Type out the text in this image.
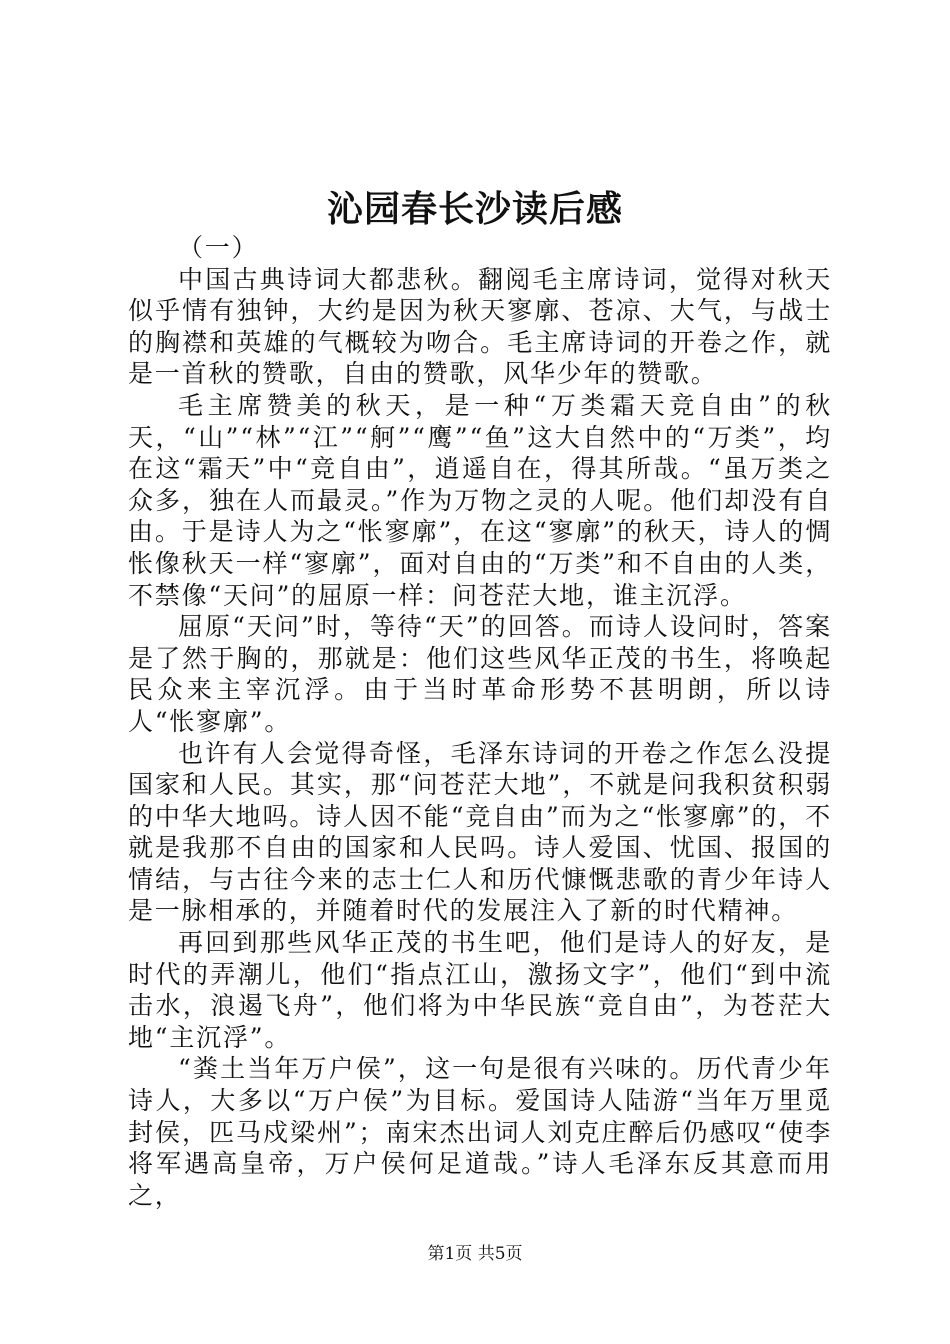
沁园春长沙读后感

（一）

中国古典诗词大都悲秋。翻阅毛主席诗词，觉得对秋天似乎情有独钟，大约是因为秋天寥廓、苍凉、大气，与战士的胸襟和英雄的气概较为吻合。毛主席诗词的开卷之作，就是一首秋的赞歌，自由的赞歌，风华少年的赞歌。

毛主席赞美的秋天，是一种“万类霜天竞自由”的秋天，“山”“林”“江”“舸”“鹰”“鱼”这大自然中的“万类”，均在这“霜天”中“竞自由”，逍遥自在，得其所哉。“虽万类之众多，独在人而最灵。”作为万物之灵的人呢。他们却没有自由。于是诗人为之“怅寥廓”，在这“寥廓”的秋天，诗人的惆怅像秋天一样“寥廓”，面对自由的“万类”和不自由的人类，不禁像“天问”的屈原一样：问苍茫大地，谁主沉浮。

屈原“天问”时，等待“天”的回答。而诗人设问时，答案是了然于胸的，那就是：他们这些风华正茂的书生，将唤起民众来主宰沉浮。由于当时革命形势不甚明朗，所以诗人“怅寥廓”。

也许有人会觉得奇怪，毛泽东诗词的开卷之作怎么没提国家和人民。其实，那“问苍茫大地”，不就是问我积贫积弱的中华大地吗。诗人因不能“竞自由”而为之“怅寥廓”的，不就是我那不自由的国家和人民吗。诗人爱国、忧国、报国的情结，与古往今来的志士仁人和历代慷慨悲歌的青少年诗人是一脉相承的，并随着时代的发展注入了新的时代精神。

再回到那些风华正茂的书生吧，他们是诗人的好友，是时代的弄潮儿，他们“指点江山，激扬文字”，他们“到中流击水，浪遏飞舟”，他们将为中华民族“竞自由”，为苍茫大地“主沉浮”。

“粪土当年万户侯”，这一句是很有兴味的。历代青少年诗人，大多以“万户侯”为目标。爱国诗人陆游“当年万里觅封侯，匹马戍梁州”；南宋杰出词人刘克庄醉后仍感叹“使李将军遇高皇帝，万户侯何足道哉。”诗人毛泽东反其意而用之，

第1页 共5页
